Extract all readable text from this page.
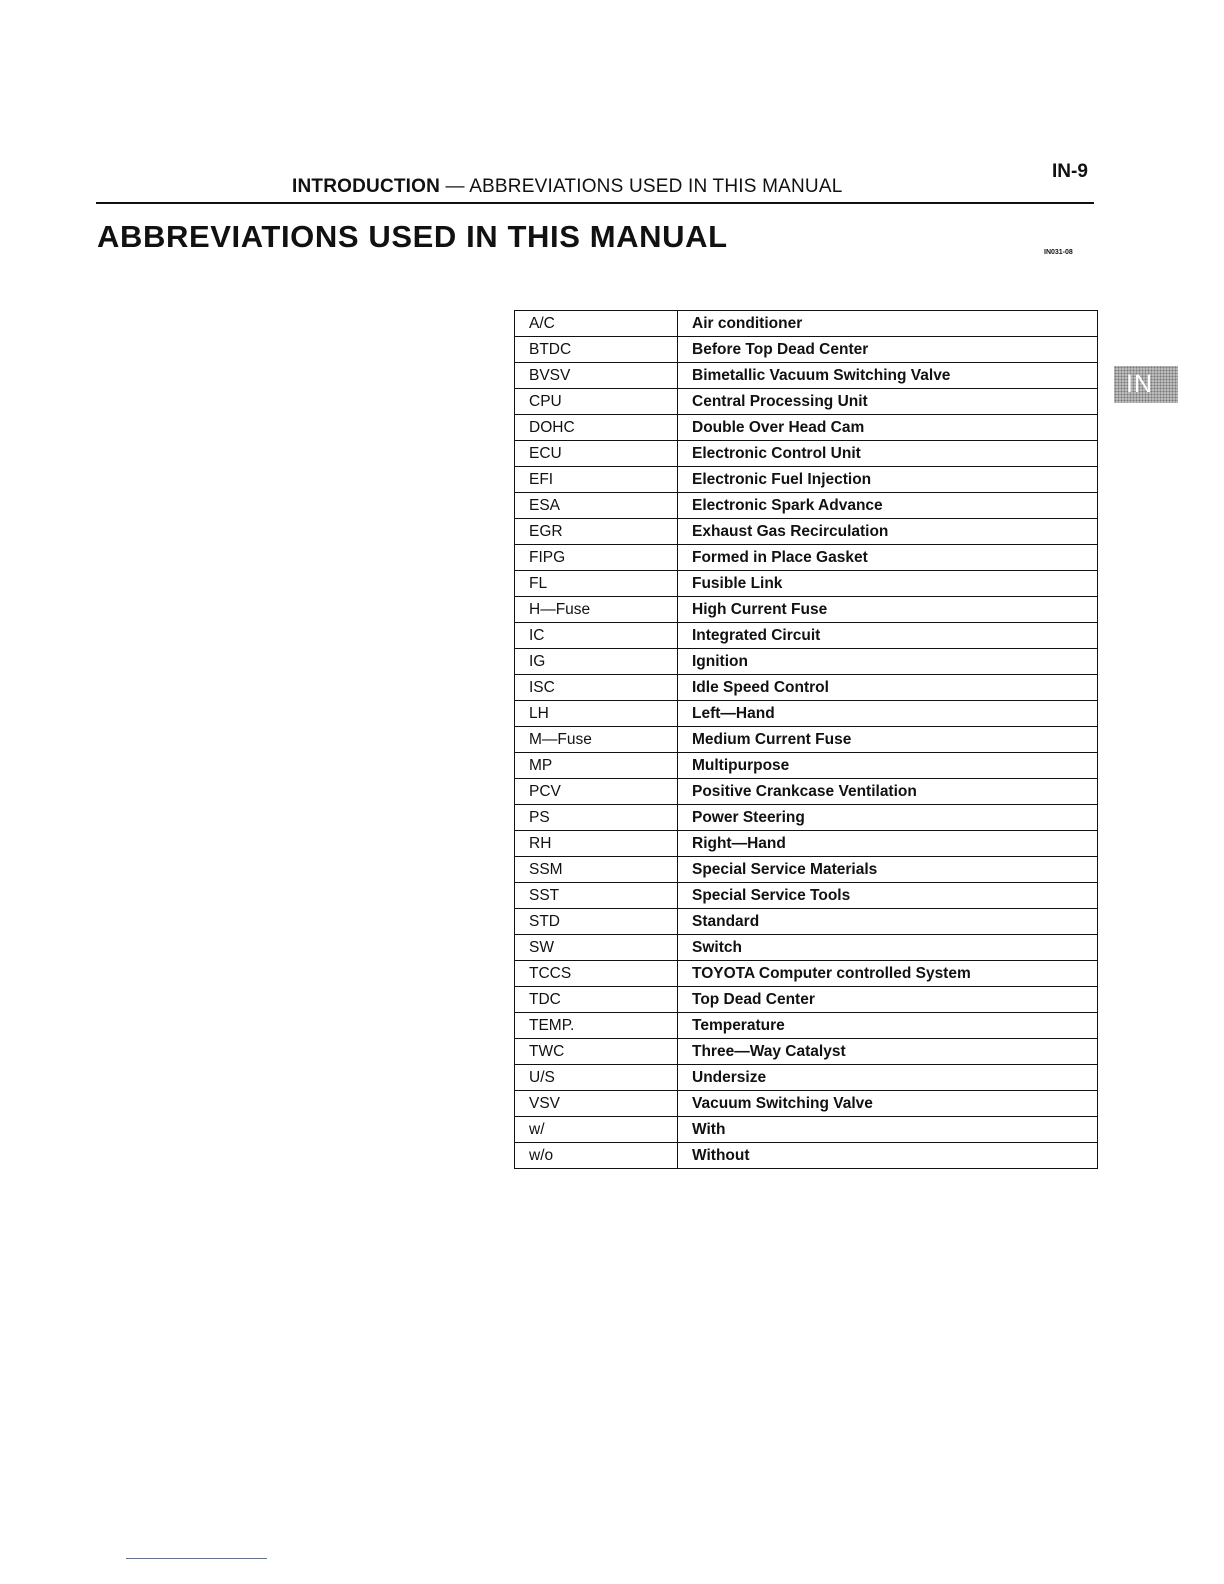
INTRODUCTION — ABBREVIATIONS USED IN THIS MANUAL
IN-9
ABBREVIATIONS USED IN THIS MANUAL	IN031-08
IN
A/C	Air conditioner
BTDC	Before Top Dead Center
BVSV	Bimetallic Vacuum Switching Valve
CPU	Central Processing Unit
DOHC	Double Over Head Cam
ECU	Electronic Control Unit
EFI	Electronic Fuel Injection
ESA	Electronic Spark Advance
EGR	Exhaust Gas Recirculation
FIPG	Formed in Place Gasket
FL	Fusible Link
H—Fuse	High Current Fuse
IC	Integrated Circuit
IG	Ignition
ISC	Idle Speed Control
LH	Left—Hand
M—Fuse	Medium Current Fuse
MP	Multipurpose
PCV	Positive Crankcase Ventilation
PS	Power Steering
RH	Right—Hand
SSM	Special Service Materials
SST	Special Service Tools
STD	Standard
SW	Switch
TCCS	TOYOTA Computer controlled System
TDC	Top Dead Center
TEMP.	Temperature
TWC	Three—Way Catalyst
U/S	Undersize
VSV	Vacuum Switching Valve
w/	With
w/o	Without
